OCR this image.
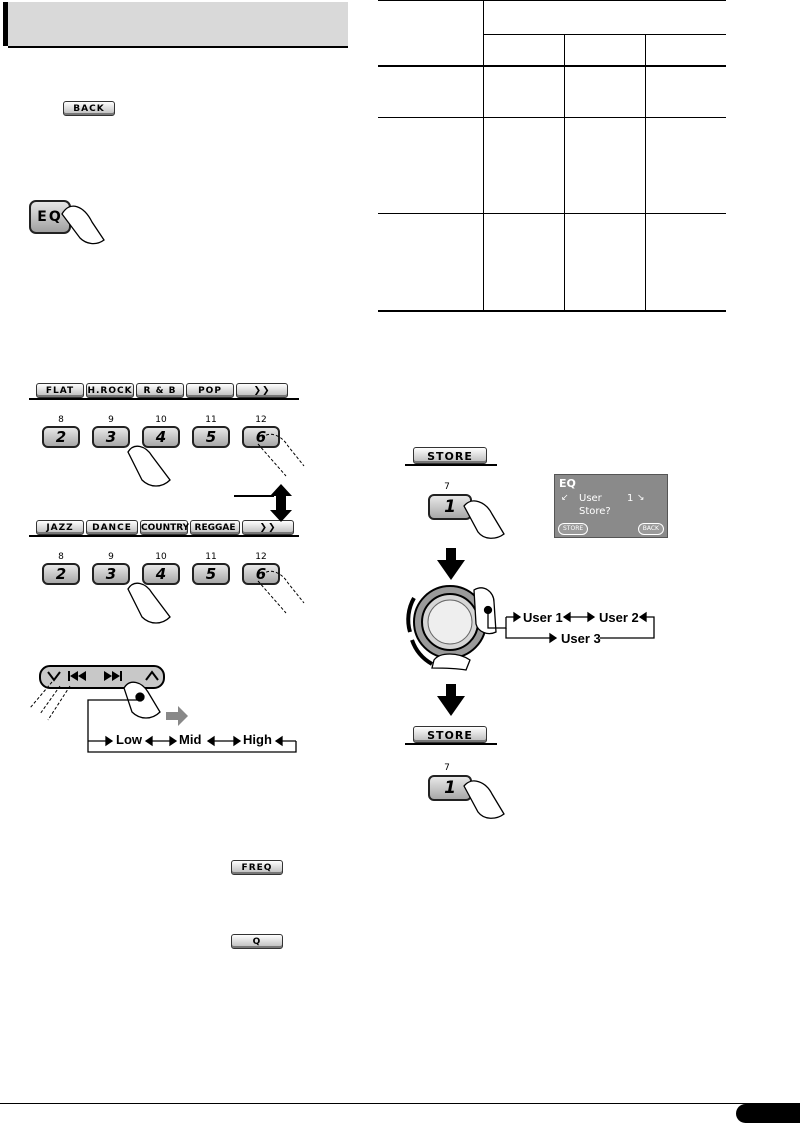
BACK
EQ
FLAT	H.ROCK	R & B	POP	❯❯
8
2
9
3
10
4
11
5
12
6
JAZZ	DANCE	COUNTRY REGGAE	❯❯
8
2
9
3
10
4
11
5
12
6
Low	Mid	High
FREQ
Q
STORE
7
1
EQ
↙ User	1 ↘
Store?
STORE	BACK
User 1	User 2
User 3
STORE
7
1
